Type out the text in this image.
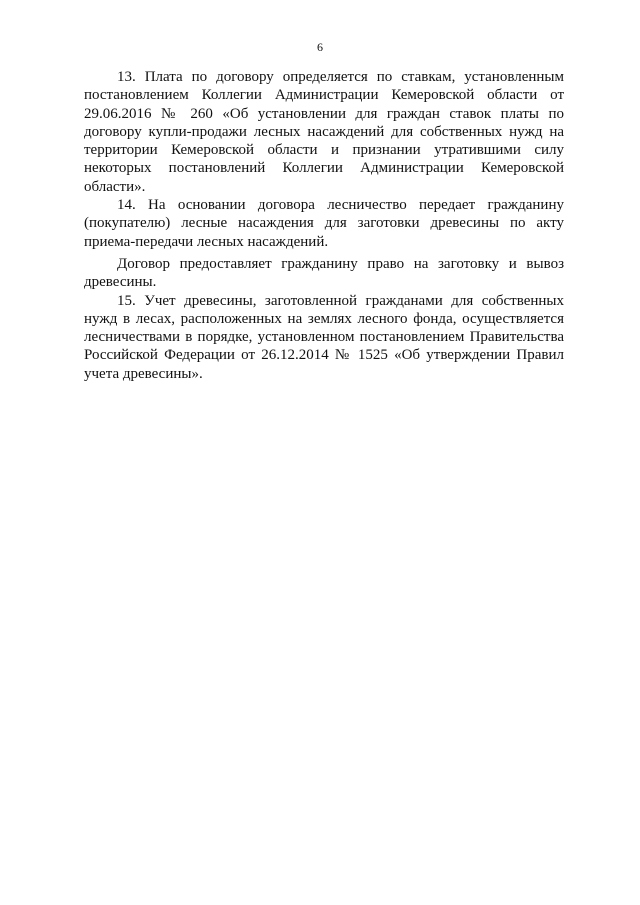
6

13. Плата по договору определяется по ставкам, установленным постановлением Коллегии Администрации Кемеровской области от 29.06.2016 № 260 «Об установлении для граждан ставок платы по договору купли-продажи лесных насаждений для собственных нужд на территории Кемеровской области и признании утратившими силу некоторых постановлений Коллегии Администрации Кемеровской области».

14. На основании договора лесничество передает гражданину (покупателю) лесные насаждения для заготовки древесины по акту приема-передачи лесных насаждений.

Договор предоставляет гражданину право на заготовку и вывоз древесины.

15. Учет древесины, заготовленной гражданами для собственных нужд в лесах, расположенных на землях лесного фонда, осуществляется лесничествами в порядке, установленном постановлением Правительства Российской Федерации от 26.12.2014 № 1525 «Об утверждении Правил учета древесины».
